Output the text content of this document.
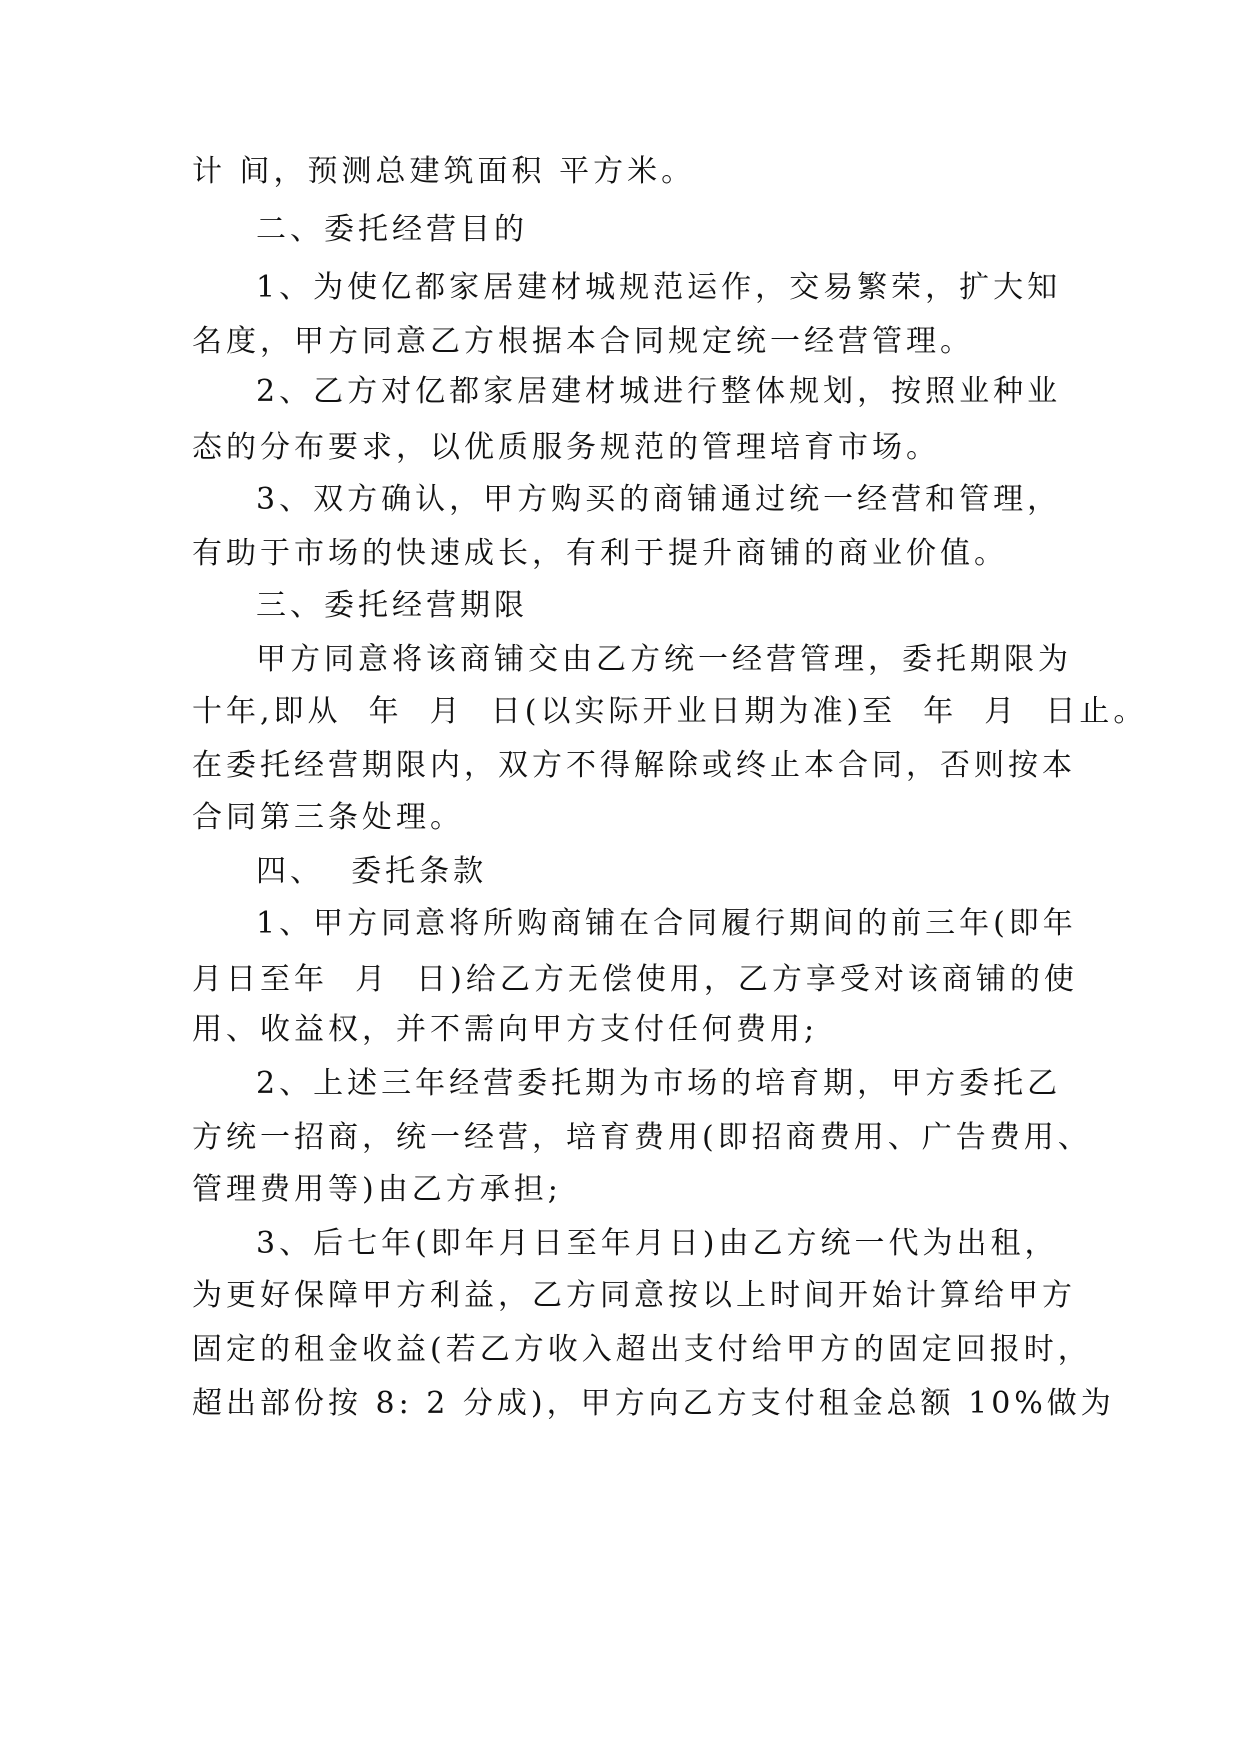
计 间，预测总建筑面积 平方米。
二、委托经营目的
1、为使亿都家居建材城规范运作，交易繁荣，扩大知
名度，甲方同意乙方根据本合同规定统一经营管理。
2、乙方对亿都家居建材城进行整体规划，按照业种业
态的分布要求，以优质服务规范的管理培育市场。
3、双方确认，甲方购买的商铺通过统一经营和管理，
有助于市场的快速成长，有利于提升商铺的商业价值。
三、委托经营期限
甲方同意将该商铺交由乙方统一经营管理，委托期限为
十年,即从  年  月  日(以实际开业日期为准)至  年  月  日止。
在委托经营期限内，双方不得解除或终止本合同，否则按本
合同第三条处理。
四、  委托条款
1、甲方同意将所购商铺在合同履行期间的前三年(即年
月日至年  月  日)给乙方无偿使用，乙方享受对该商铺的使
用、收益权，并不需向甲方支付任何费用;
2、上述三年经营委托期为市场的培育期，甲方委托乙
方统一招商，统一经营，培育费用(即招商费用、广告费用、
管理费用等)由乙方承担;
3、后七年(即年月日至年月日)由乙方统一代为出租，
为更好保障甲方利益，乙方同意按以上时间开始计算给甲方
固定的租金收益(若乙方收入超出支付给甲方的固定回报时，
超出部份按 8: 2 分成)，甲方向乙方支付租金总额 10%做为
